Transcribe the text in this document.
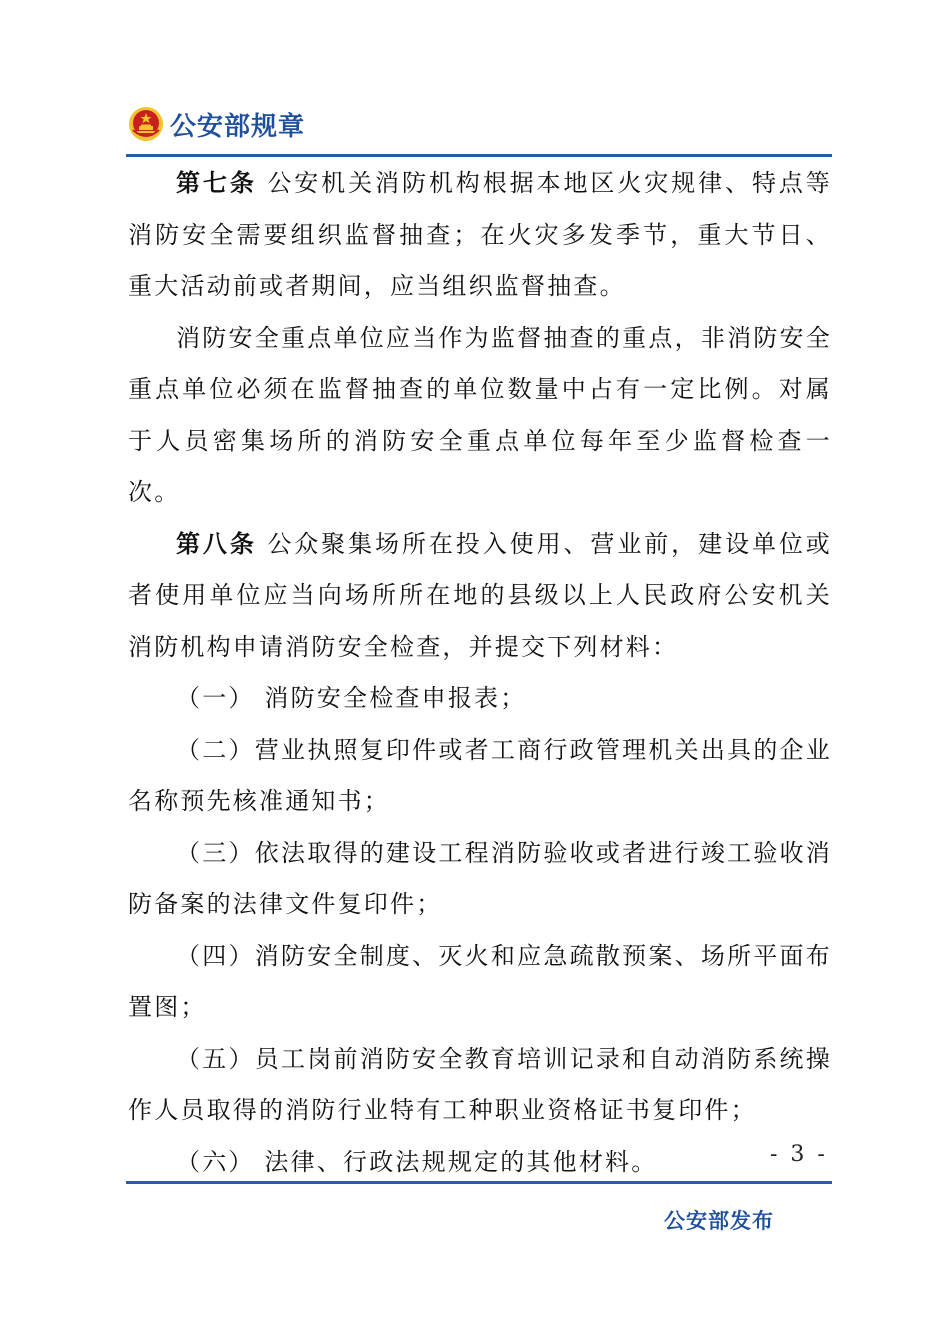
公安部规章

第七条 公安机关消防机构根据本地区火灾规律、特点等消防安全需要组织监督抽查；在火灾多发季节，重大节日、重大活动前或者期间，应当组织监督抽查。

消防安全重点单位应当作为监督抽查的重点，非消防安全重点单位必须在监督抽查的单位数量中占有一定比例。对属于人员密集场所的消防安全重点单位每年至少监督检查一次。

第八条 公众聚集场所在投入使用、营业前，建设单位或者使用单位应当向场所所在地的县级以上人民政府公安机关消防机构申请消防安全检查，并提交下列材料：

（一） 消防安全检查申报表；

（二）营业执照复印件或者工商行政管理机关出具的企业名称预先核准通知书；

（三）依法取得的建设工程消防验收或者进行竣工验收消防备案的法律文件复印件；

（四）消防安全制度、灭火和应急疏散预案、场所平面布置图；

（五）员工岗前消防安全教育培训记录和自动消防系统操作人员取得的消防行业特有工种职业资格证书复印件；

（六） 法律、行政法规规定的其他材料。	- 3 -
公安部发布
